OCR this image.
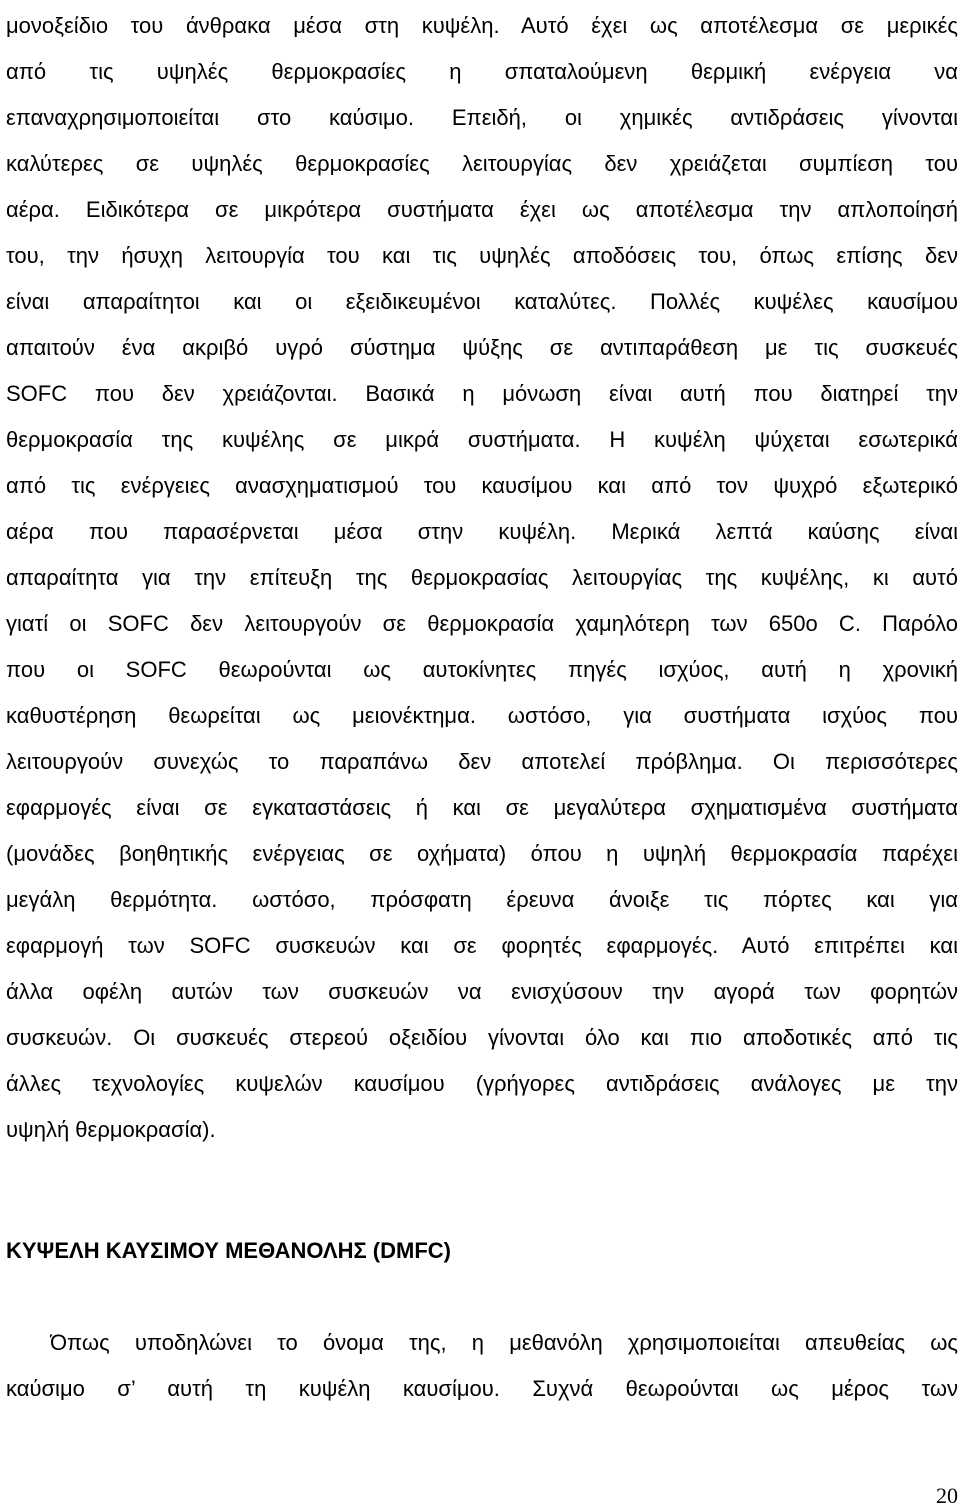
μονοξείδιο του άνθρακα μέσα στη κυψέλη. Αυτό έχει ως αποτέλεσμα σε μερικές
από τις υψηλές θερμοκρασίες η σπαταλούμενη θερμική ενέργεια να
επαναχρησιμοποιείται στο καύσιμο. Επειδή, οι χημικές αντιδράσεις γίνονται
καλύτερες σε υψηλές θερμοκρασίες λειτουργίας δεν χρειάζεται συμπίεση του
αέρα. Ειδικότερα σε μικρότερα συστήματα έχει ως αποτέλεσμα την απλοποίησή
του, την ήσυχη λειτουργία του και τις υψηλές αποδόσεις του, όπως επίσης δεν
είναι απαραίτητοι και οι εξειδικευμένοι καταλύτες. Πολλές κυψέλες καυσίμου
απαιτούν ένα ακριβό υγρό σύστημα ψύξης σε αντιπαράθεση με τις συσκευές
SOFC που δεν χρειάζονται. Βασικά η μόνωση είναι αυτή που διατηρεί την
θερμοκρασία της κυψέλης σε μικρά συστήματα. Η κυψέλη ψύχεται εσωτερικά
από τις ενέργειες ανασχηματισμού του καυσίμου και από τον ψυχρό εξωτερικό
αέρα που παρασέρνεται μέσα στην κυψέλη. Μερικά λεπτά καύσης είναι
απαραίτητα για την επίτευξη της θερμοκρασίας λειτουργίας της κυψέλης, κι αυτό
γιατί οι SOFC δεν λειτουργούν σε θερμοκρασία χαμηλότερη των 650ο C. Παρόλο
που οι SOFC θεωρούνται ως αυτοκίνητες πηγές ισχύος, αυτή η χρονική
καθυστέρηση θεωρείται ως μειονέκτημα. ωστόσο, για συστήματα ισχύος που
λειτουργούν συνεχώς το παραπάνω δεν αποτελεί πρόβλημα. Οι περισσότερες
εφαρμογές είναι σε εγκαταστάσεις ή και σε μεγαλύτερα σχηματισμένα συστήματα
(μονάδες βοηθητικής ενέργειας σε οχήματα) όπου η υψηλή θερμοκρασία παρέχει
μεγάλη θερμότητα. ωστόσο, πρόσφατη έρευνα άνοιξε τις πόρτες και για
εφαρμογή των SOFC συσκευών και σε φορητές εφαρμογές. Αυτό επιτρέπει και
άλλα οφέλη αυτών των συσκευών να ενισχύσουν την αγορά των φορητών
συσκευών. Οι συσκευές στερεού οξειδίου γίνονται όλο και πιο αποδοτικές από τις
άλλες τεχνολογίες κυψελών καυσίμου (γρήγορες αντιδράσεις ανάλογες με την
υψηλή θερμοκρασία).
ΚΥΨΕΛΗ ΚΑΥΣΙΜΟΥ ΜΕΘΑΝΟΛΗΣ (DMFC)
Όπως υποδηλώνει το όνομα της, η μεθανόλη χρησιμοποιείται απευθείας ως
καύσιμο σ’ αυτή τη κυψέλη καυσίμου. Συχνά θεωρούνται ως μέρος των
20
